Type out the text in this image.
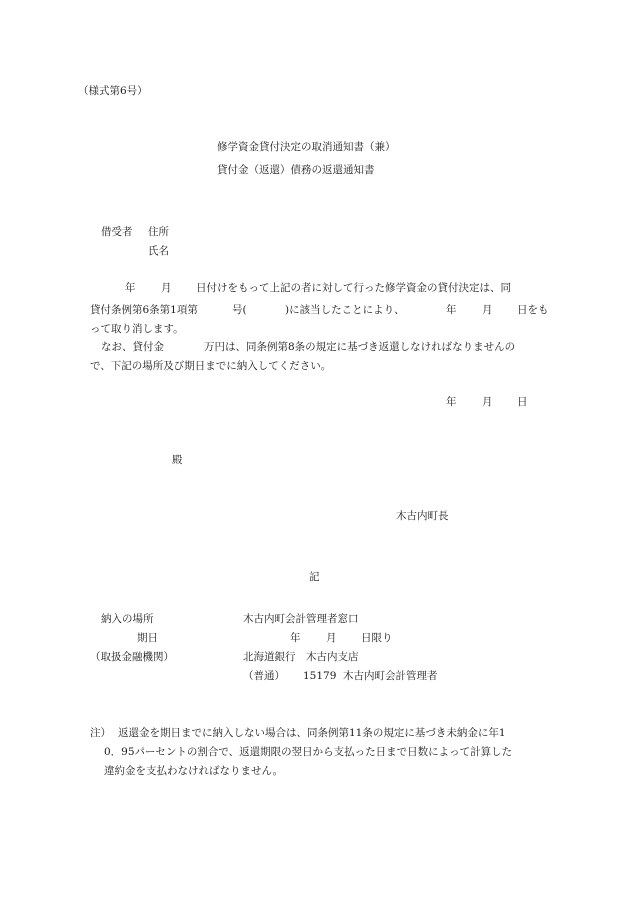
（様式第6号）
修学資金貸付決定の取消通知書（兼）
貸付金（返還）債務の返還通知書
借受者 住所
氏名
年 月 日付けをもって上記の者に対して行った修学資金の貸付決定は、同
貸付条例第6条第1項第	号(	)に該当したことにより、	年 月 日をも
って取り消します。
なお、貸付金	万円は、同条例第8条の規定に基づき返還しなければなりませんの
で、下記の場所及び期日までに納入してください。
年 月 日
殿
木古内町長
記
納入の場所	木古内町会計管理者窓口
期日	年 月 日限り
（取扱金融機関）	北海道銀行　木古内支店
（普通） 15179 木古内町会計管理者
注） 返還金を期日までに納入しない場合は、同条例第11条の規定に基づき未納金に年1
0．95パーセントの割合で、返還期限の翌日から支払った日まで日数によって計算した
違約金を支払わなければなりません。
